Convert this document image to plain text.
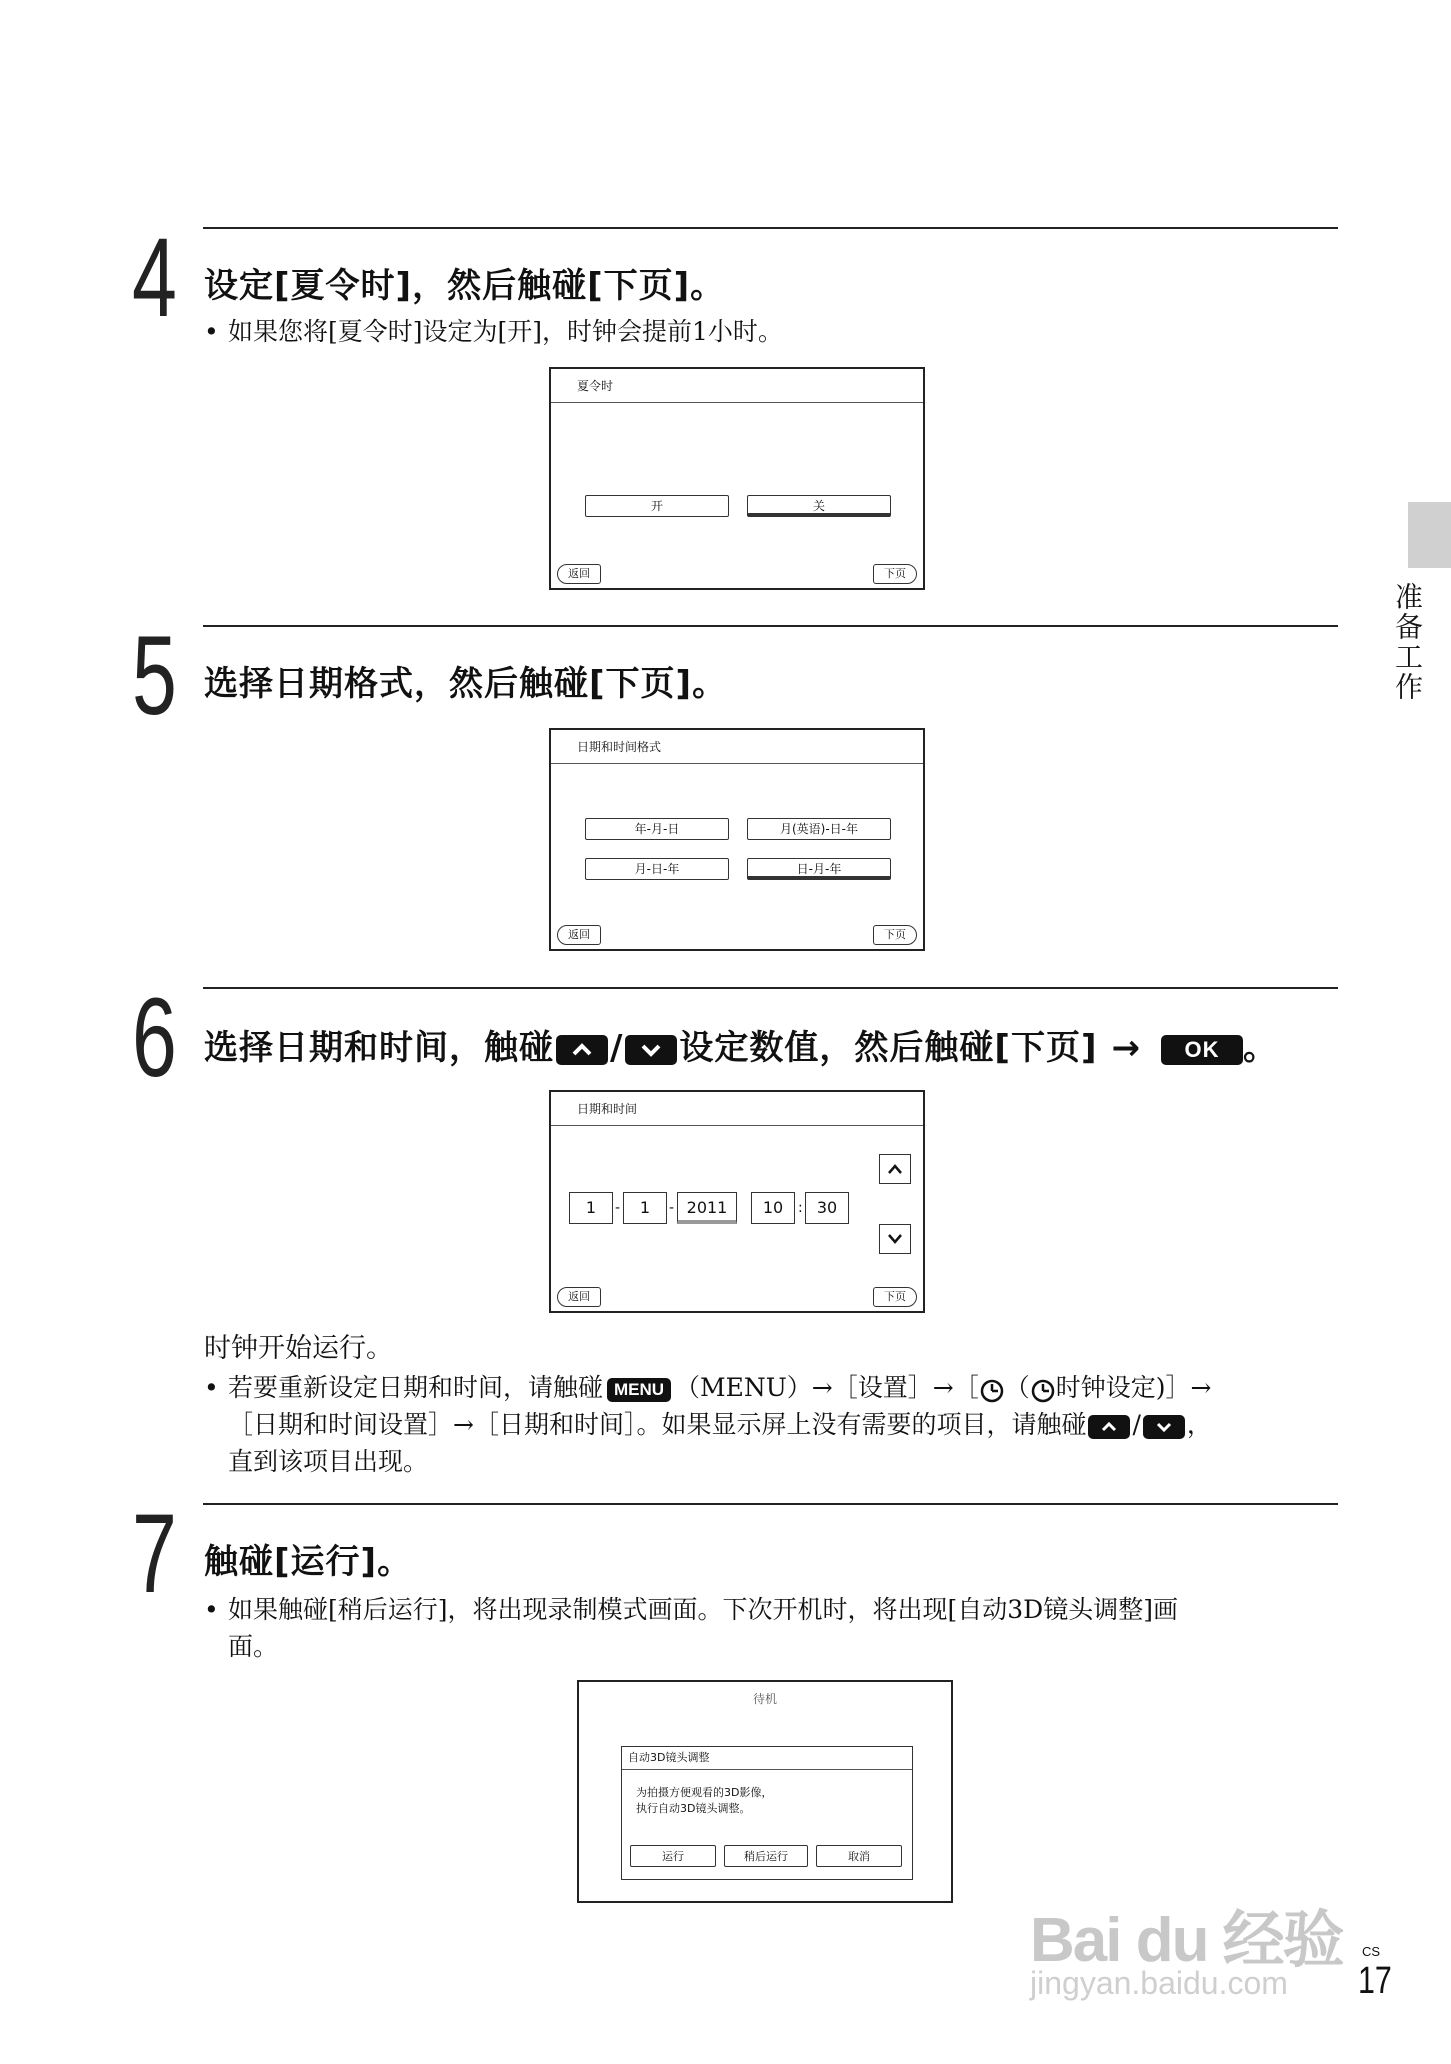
4 设定[夏令时]，然后触碰[下页]。
• 如果您将[夏令时]设定为[开]，时钟会提前1小时。
夏令时
开	关
返回	下页
5 选择日期格式，然后触碰[下页]。
日期和时间格式
年-月-日	月(英语)-日-年
月-日-年	日-月-年
返回	下页
6 选择日期和时间，触碰 / 设定数值，然后触碰[下页] → OK 。
日期和时间
1	-	1	- 2011	10	: 30
返回	下页
时钟开始运行。
• 若要重新设定日期和时间，请触碰 MENU （MENU）→［设置］→［ （ 时钟设定)］→
［日期和时间设置］→［日期和时间］。如果显示屏上没有需要的项目，请触碰 / ，
直到该项目出现。
7 触碰[运行]。
• 如果触碰[稍后运行]，将出现录制模式画面。下次开机时，将出现[自动3D镜头调整]画
面。
待机
自动3D镜头调整
为拍摄方便观看的3D影像，
执行自动3D镜头调整。
运行	稍后运行	取消
准备工作
Bai du 经验
jingyan.baidu.com
CS
17
